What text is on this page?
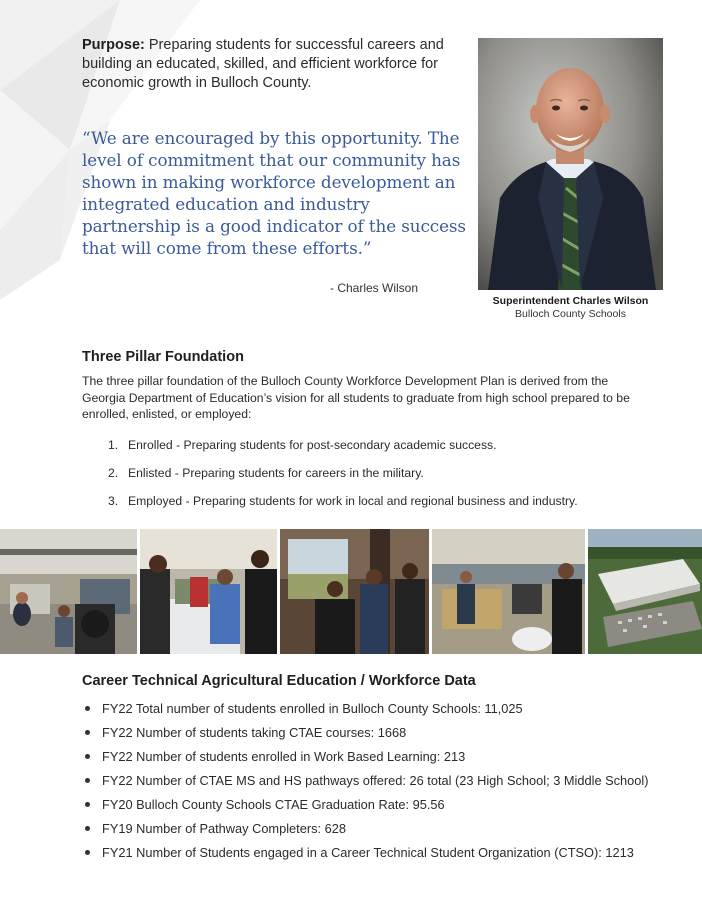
Purpose: Preparing students for successful careers and building an educated, skilled, and efficient workforce for economic growth in Bulloch County.
“We are encouraged by this opportunity. The level of commitment that our community has shown in making workforce development an integrated education and industry partnership is a good indicator of the success that will come from these efforts.”
- Charles Wilson
Superintendent Charles Wilson
Bulloch County Schools
Three Pillar Foundation
The three pillar foundation of the Bulloch County Workforce Development Plan is derived from the Georgia Department of Education’s vision for all students to graduate from high school prepared to be enrolled, enlisted, or employed:
1. Enrolled - Preparing students for post-secondary academic success.
2. Enlisted - Preparing students for careers in the military.
3. Employed - Preparing students for work in local and regional business and industry.
Career Technical Agricultural Education / Workforce Data
FY22 Total number of students enrolled in Bulloch County Schools: 11,025
FY22 Number of students taking CTAE courses: 1668
FY22 Number of students enrolled in Work Based Learning: 213
FY22 Number of CTAE MS and HS pathways offered: 26 total (23 High School; 3 Middle School)
FY20 Bulloch County Schools CTAE Graduation Rate: 95.56
FY19 Number of Pathway Completers: 628
FY21 Number of Students engaged in a Career Technical Student Organization (CTSO): 1213
